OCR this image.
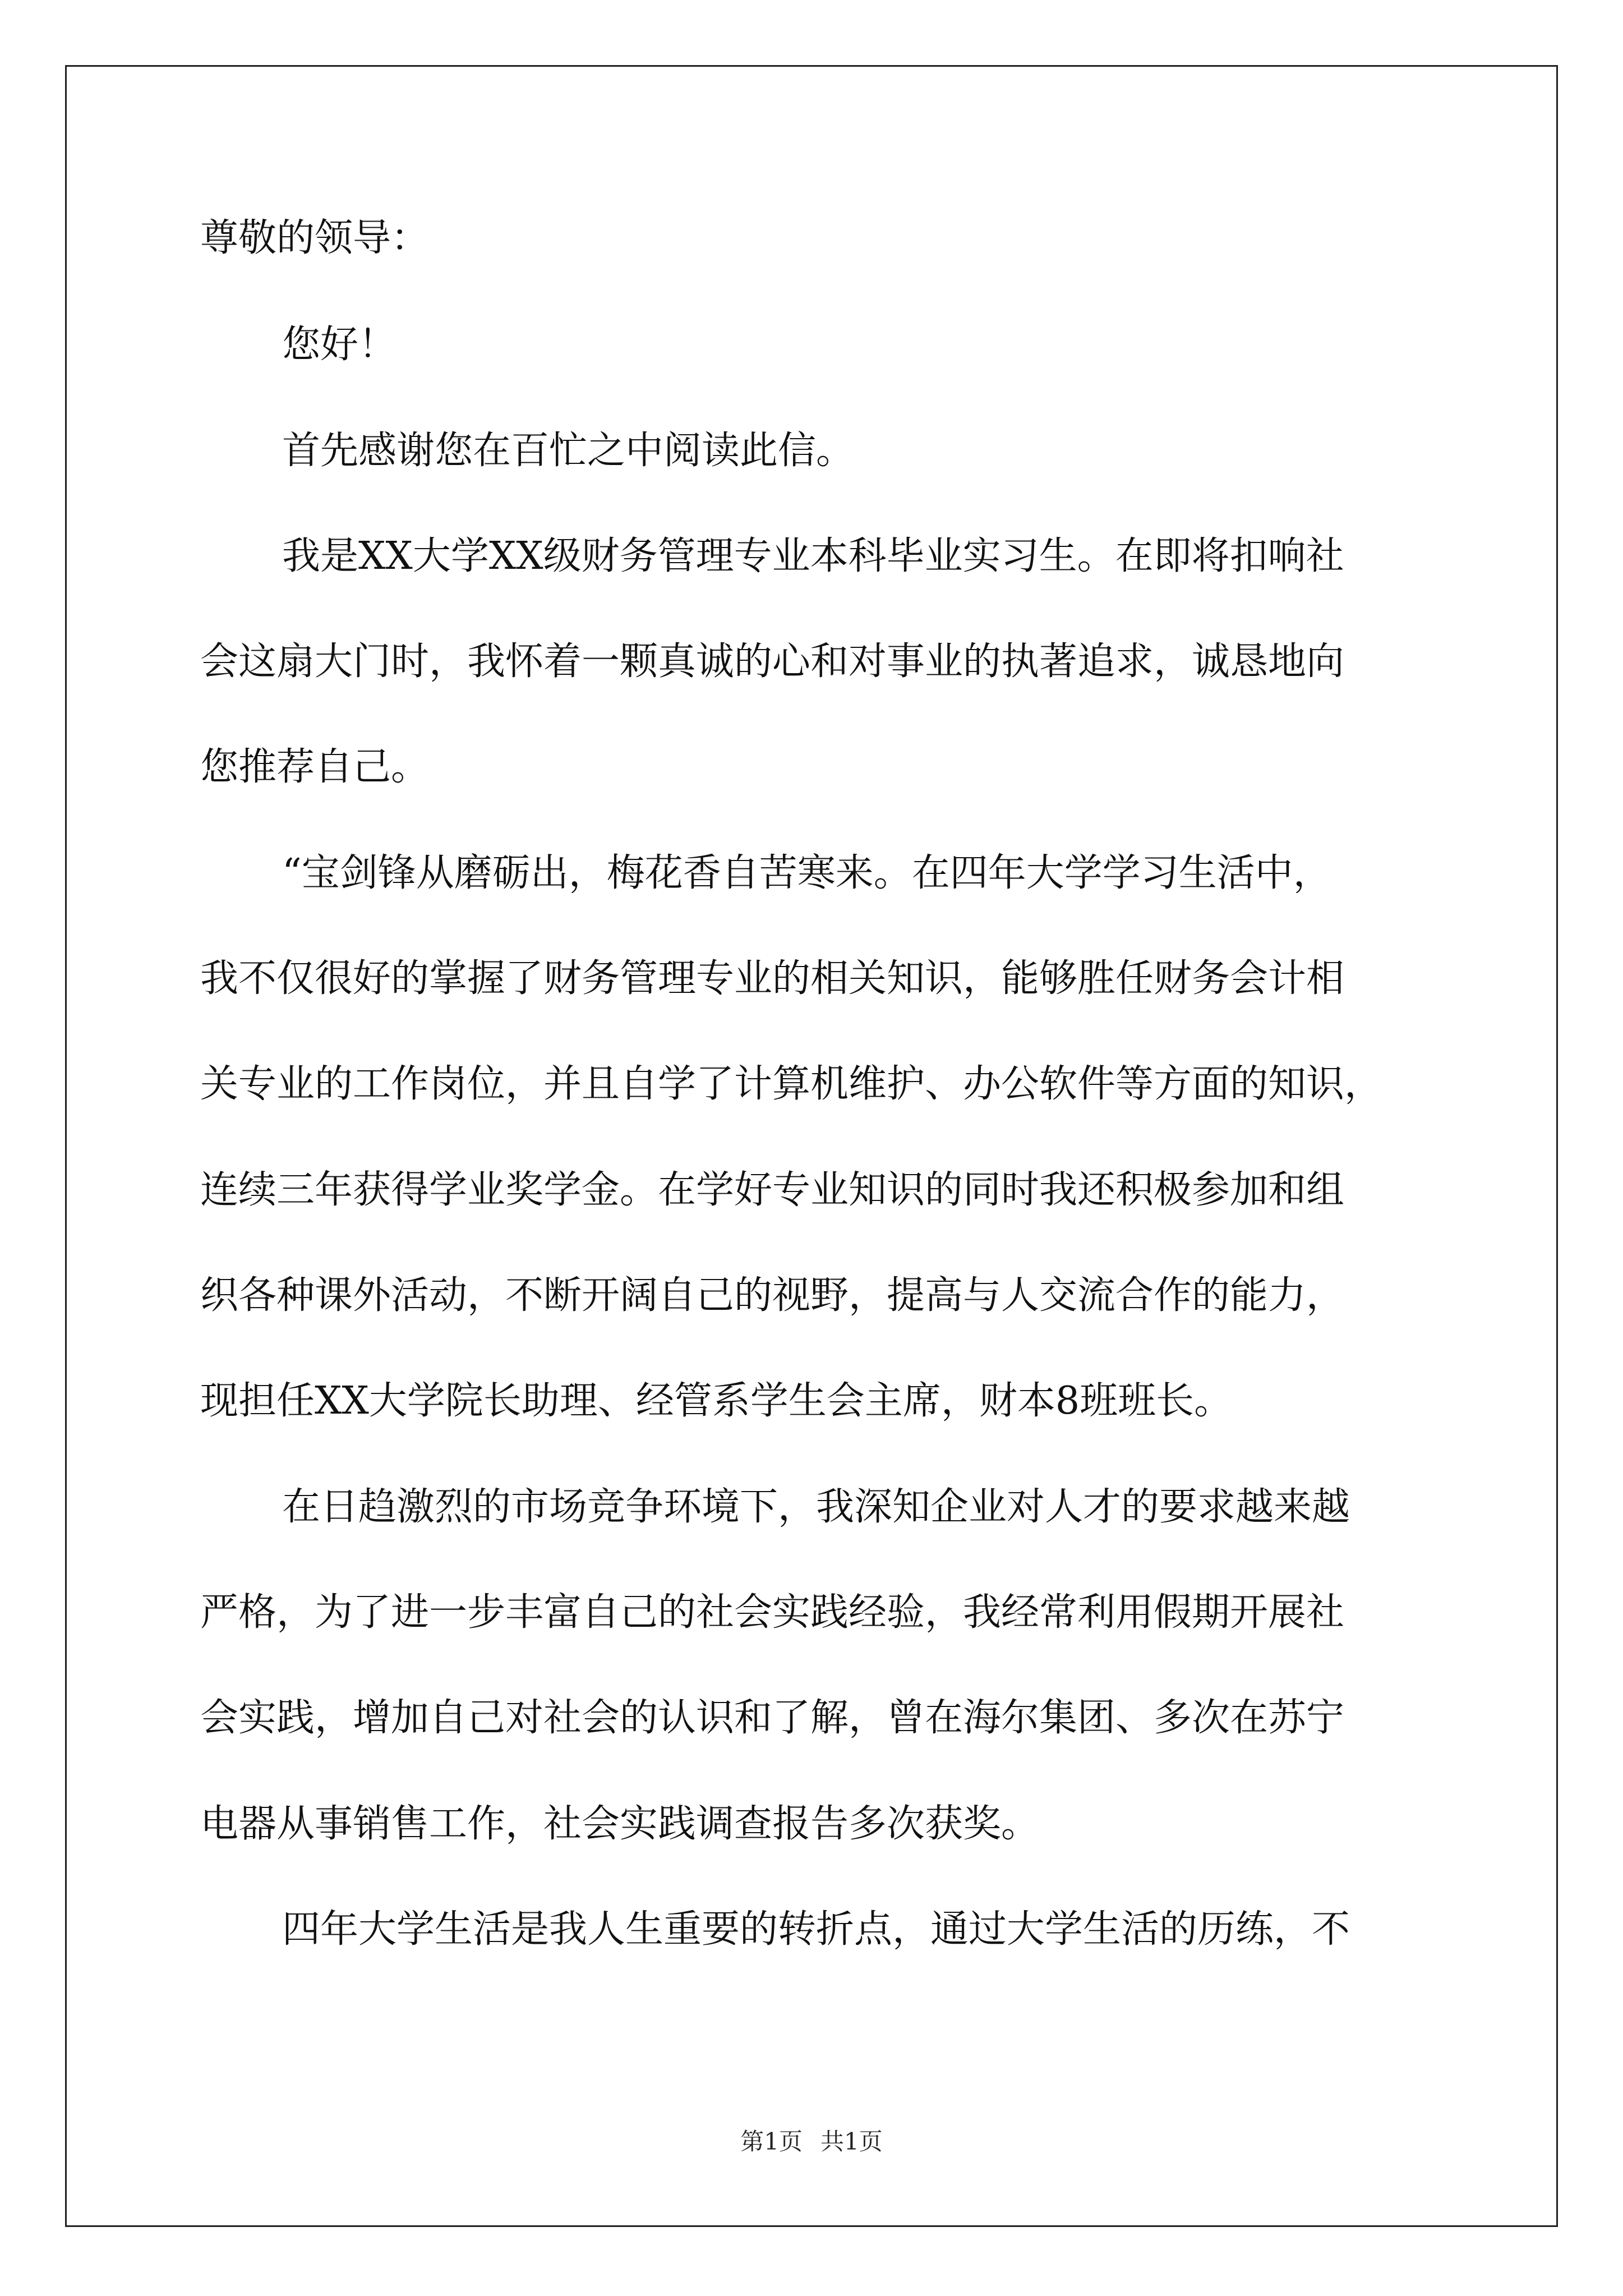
尊敬的领导：
您好！
首先感谢您在百忙之中阅读此信。
我是XX大学XX级财务管理专业本科毕业实习生。在即将扣响社
会这扇大门时，我怀着一颗真诚的心和对事业的执著追求，诚恳地向
您推荐自己。
“宝剑锋从磨砺出，梅花香自苦寒来。在四年大学学习生活中，
我不仅很好的掌握了财务管理专业的相关知识，能够胜任财务会计相
关专业的工作岗位，并且自学了计算机维护、办公软件等方面的知识，
连续三年获得学业奖学金。在学好专业知识的同时我还积极参加和组
织各种课外活动，不断开阔自己的视野，提高与人交流合作的能力，
现担任XX大学院长助理、经管系学生会主席，财本8班班长。
在日趋激烈的市场竞争环境下，我深知企业对人才的要求越来越
严格，为了进一步丰富自己的社会实践经验，我经常利用假期开展社
会实践，增加自己对社会的认识和了解，曾在海尔集团、多次在苏宁
电器从事销售工作，社会实践调查报告多次获奖。
四年大学生活是我人生重要的转折点，通过大学生活的历练，不
第1页 共1页
